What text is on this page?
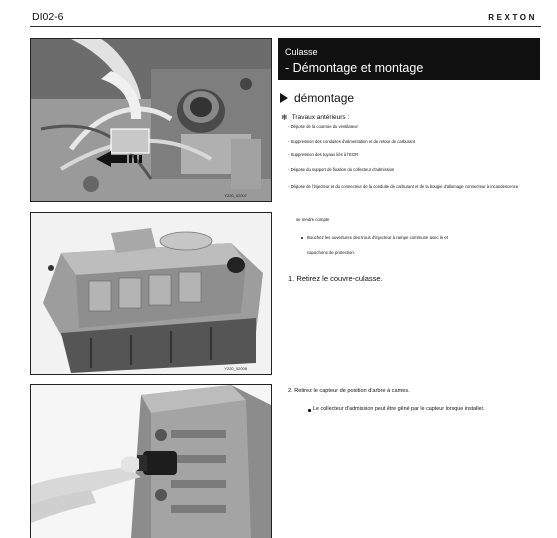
DI02-6	REXTON
Y220_02007
Y220_02008
Culasse
- Démontage et montage
démontage
❄ Travaux antérieurs :
- Dépose de la courroie du ventilateur
- Suppression des conduites d'alimentation et de retour de carburant
- Suppression des tuyaux liés à l'EGR
- Dépose du support de fixation du collecteur d'admission
- Dépose de l'injecteur et du connecteur de la conduite de carburant et de la bougie d'allumage connecteur à incandescence
se rendre compte
Bouchez les ouvertures des trous d'injecteur à rampe commune avec le et
capuchons de protection.
1. Retirez le couvre-culasse.
2. Retirez le capteur de position d'arbre à cames.
Le collecteur d'admission peut être gêné par le capteur lorsque installer.
